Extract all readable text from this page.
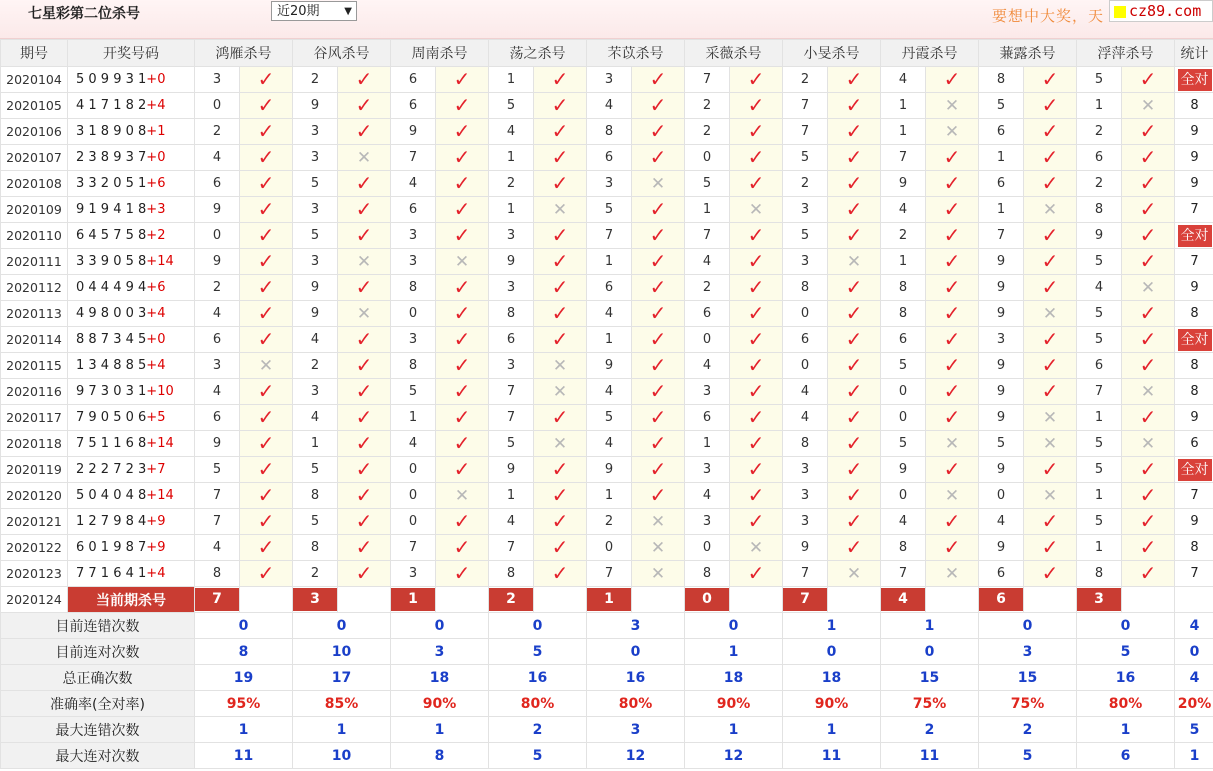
七星彩第二位杀号	近20期 ▼	要想中大奖，天	cz89.com
期号	开奖号码	鸿雁杀号		谷风杀号		周南杀号		荡之杀号		芣苡杀号		采薇杀号		小旻杀号		丹霞杀号		蒹露杀号		浮萍杀号		统计
2020104	5 0 9 9 3 1+0	3	✓	2	✓	6	✓	1	✓	3	✓	7	✓	2	✓	4	✓	8	✓	5	✓	全对

2020105	4 1 7 1 8 2+4	0	✓	9	✓	6	✓	5	✓	4	✓	2	✓	7	✓	1	✕	5	✓	1	✕	8
2020106	3 1 8 9 0 8+1	2	✓	3	✓	9	✓	4	✓	8	✓	2	✓	7	✓	1	✕	6	✓	2	✓	9
2020107	2 3 8 9 3 7+0	4	✓	3	✕	7	✓	1	✓	6	✓	0	✓	5	✓	7	✓	1	✓	6	✓	9
2020108	3 3 2 0 5 1+6	6	✓	5	✓	4	✓	2	✓	3	✕	5	✓	2	✓	9	✓	6	✓	2	✓	9
2020109	9 1 9 4 1 8+3	9	✓	3	✓	6	✓	1	✕	5	✓	1	✕	3	✓	4	✓	1	✕	8	✓	7
2020110	6 4 5 7 5 8+2	0	✓	5	✓	3	✓	3	✓	7	✓	7	✓	5	✓	2	✓	7	✓	9	✓	全对

2020111	3 3 9 0 5 8+14	9	✓	3	✕	3	✕	9	✓	1	✓	4	✓	3	✕	1	✓	9	✓	5	✓	7
2020112	0 4 4 4 9 4+6	2	✓	9	✓	8	✓	3	✓	6	✓	2	✓	8	✓	8	✓	9	✓	4	✕	9
2020113	4 9 8 0 0 3+4	4	✓	9	✕	0	✓	8	✓	4	✓	6	✓	0	✓	8	✓	9	✕	5	✓	8
2020114	8 8 7 3 4 5+0	6	✓	4	✓	3	✓	6	✓	1	✓	0	✓	6	✓	6	✓	3	✓	5	✓	全对

2020115	1 3 4 8 8 5+4	3	✕	2	✓	8	✓	3	✕	9	✓	4	✓	0	✓	5	✓	9	✓	6	✓	8
2020116	9 7 3 0 3 1+10	4	✓	3	✓	5	✓	7	✕	4	✓	3	✓	4	✓	0	✓	9	✓	7	✕	8
2020117	7 9 0 5 0 6+5	6	✓	4	✓	1	✓	7	✓	5	✓	6	✓	4	✓	0	✓	9	✕	1	✓	9
2020118	7 5 1 1 6 8+14	9	✓	1	✓	4	✓	5	✕	4	✓	1	✓	8	✓	5	✕	5	✕	5	✕	6
2020119	2 2 2 7 2 3+7	5	✓	5	✓	0	✓	9	✓	9	✓	3	✓	3	✓	9	✓	9	✓	5	✓	全对

2020120	5 0 4 0 4 8+14	7	✓	8	✓	0	✕	1	✓	1	✓	4	✓	3	✓	0	✕	0	✕	1	✓	7
2020121	1 2 7 9 8 4+9	7	✓	5	✓	0	✓	4	✓	2	✕	3	✓	3	✓	4	✓	4	✓	5	✓	9
2020122	6 0 1 9 8 7+9	4	✓	8	✓	7	✓	7	✓	0	✕	0	✕	9	✓	8	✓	9	✓	1	✓	8
2020123	7 7 1 6 4 1+4	8	✓	2	✓	3	✓	8	✓	7	✕	8	✓	7	✕	7	✕	6	✓	8	✓	7
2020124	当前期杀号	7		3		1		2		1		0		7		4		6		3		

目前连错次数		0		0		0		0		3		0		1		1		0		0		4
目前连对次数		8		10		3		5		0		1		0		0		3		5		0
总正确次数		19		17		18		16		16		18		18		15		15		16		4
准确率(全对率)		95%		85%		90%		80%		80%		90%		90%		75%		75%		80%		20%
最大连错次数		1		1		1		2		3		1		1		2		2		1		5
最大连对次数		11		10		8		5		12		12		11		11		5		6		1
